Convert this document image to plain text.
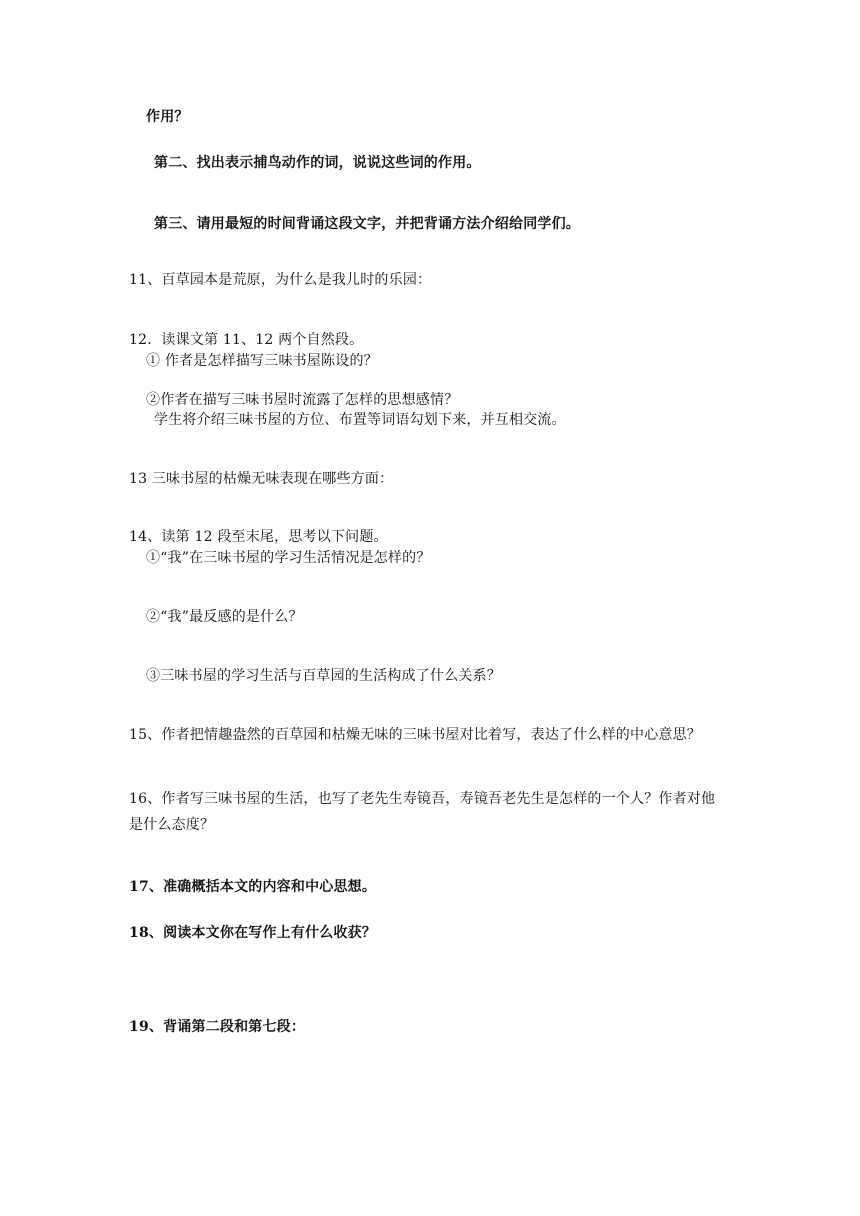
作用？
第二、找出表示捕鸟动作的词，说说这些词的作用。
第三、请用最短的时间背诵这段文字，并把背诵方法介绍给同学们。
11、百草园本是荒原，为什么是我儿时的乐园：
12．读课文第 11、12 两个自然段。
① 作者是怎样描写三味书屋陈设的？
②作者在描写三味书屋时流露了怎样的思想感情？
学生将介绍三味书屋的方位、布置等词语勾划下来，并互相交流。
13 三味书屋的枯燥无味表现在哪些方面：
14、读第 12 段至末尾，思考以下问题。
①“我”在三味书屋的学习生活情况是怎样的？
②“我”最反感的是什么？
③三味书屋的学习生活与百草园的生活构成了什么关系？
15、作者把情趣盎然的百草园和枯燥无味的三味书屋对比着写，表达了什么样的中心意思？
16、作者写三味书屋的生活，也写了老先生寿镜吾，寿镜吾老先生是怎样的一个人？作者对他是什么态度？
17、准确概括本文的内容和中心思想。
18、阅读本文你在写作上有什么收获？
19、背诵第二段和第七段：
